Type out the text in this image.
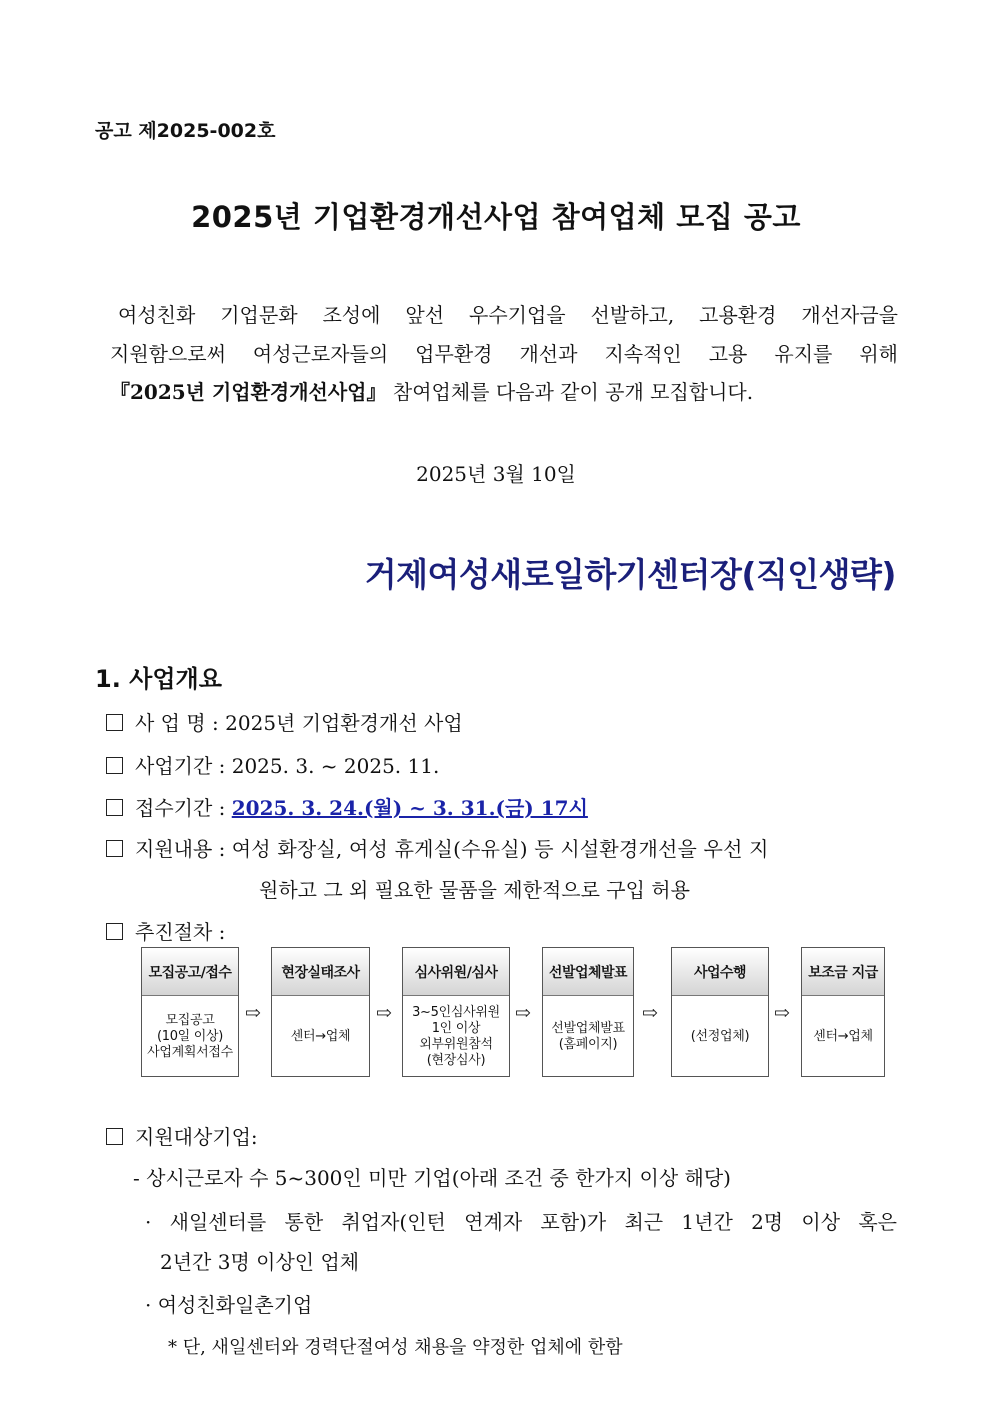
공고 제2025-002호
2025년 기업환경개선사업 참여업체 모집 공고
여성친화 기업문화 조성에 앞선 우수기업을 선발하고, 고용환경 개선자금을
지원함으로써 여성근로자들의 업무환경 개선과 지속적인 고용 유지를 위해
『2025년 기업환경개선사업』 참여업체를 다음과 같이 공개 모집합니다.
2025년 3월 10일
거제여성새로일하기센터장(직인생략)
1. 사업개요
사 업 명 : 2025년 기업환경개선 사업
사업기간 : 2025. 3. ~ 2025. 11.
접수기간 : 2025. 3. 24.(월) ~ 3. 31.(금) 17시
지원내용 : 여성 화장실, 여성 휴게실(수유실) 등 시설환경개선을 우선 지
원하고 그 외 필요한 물품을 제한적으로 구입 허용
추진절차 :
모집공고/접수
모집공고
(10일 이상)
사업계획서접수
⇨
현장실태조사
센터→업체
⇨
심사위원/심사
3~5인심사위원
1인 이상
외부위원참석
(현장심사)
⇨
선발업체발표
선발업체발표
(홈페이지)
⇨
사업수행
(선정업체)
⇨
보조금 지급
센터→업체
지원대상기업:
- 상시근로자 수 5~300인 미만 기업(아래 조건 중 한가지 이상 해당)
· 새일센터를 통한 취업자(인턴 연계자 포함)가 최근 1년간 2명 이상 혹은
2년간 3명 이상인 업체
· 여성친화일촌기업
* 단, 새일센터와 경력단절여성 채용을 약정한 업체에 한함
